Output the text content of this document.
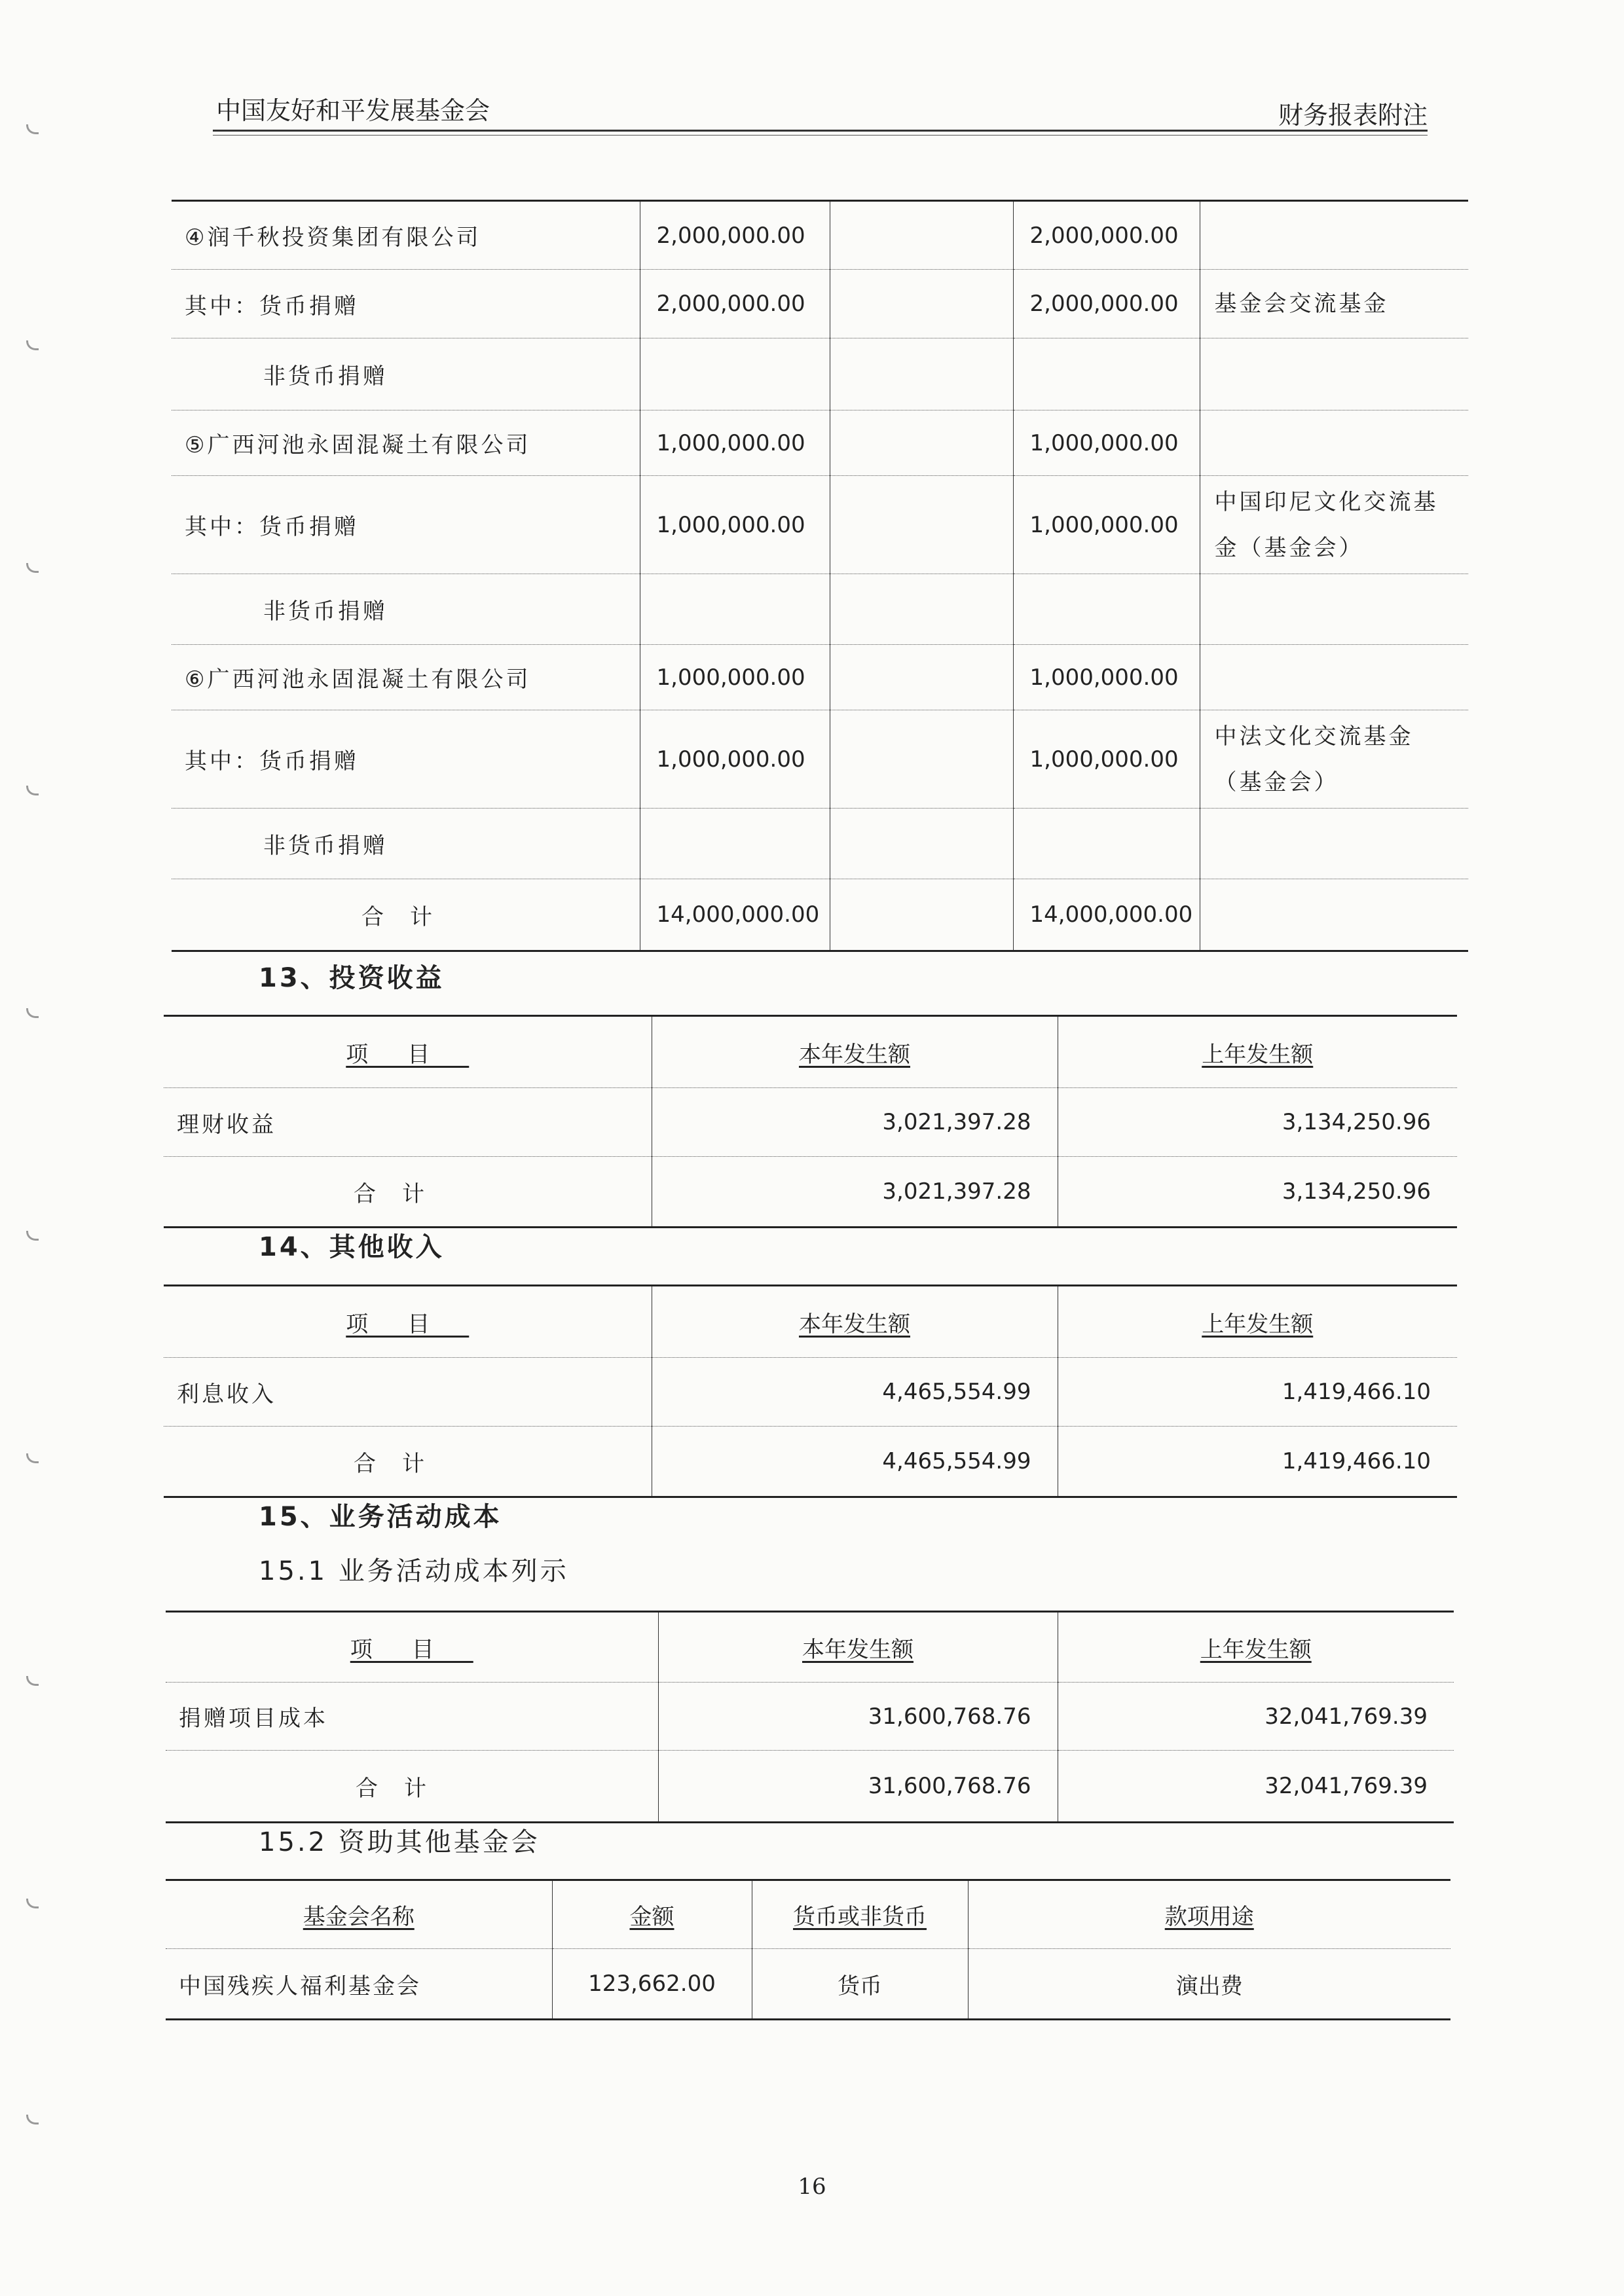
中国友好和平发展基金会	财务报表附注
④润千秋投资集团有限公司	2,000,000.00		2,000,000.00	
其中：货币捐赠	2,000,000.00		2,000,000.00	基金会交流基金
非货币捐赠				
⑤广西河池永固混凝土有限公司	1,000,000.00		1,000,000.00	
其中：货币捐赠	1,000,000.00		1,000,000.00	中国印尼文化交流基金（基金会）
非货币捐赠				
⑥广西河池永固混凝土有限公司	1,000,000.00		1,000,000.00	
其中：货币捐赠	1,000,000.00		1,000,000.00	中法文化交流基金（基金会）
非货币捐赠				
合计	14,000,000.00		14,000,000.00	
13、投资收益
项目	本年发生额	上年发生额
理财收益	3,021,397.28	3,134,250.96
合计	3,021,397.28	3,134,250.96
14、其他收入
项目	本年发生额	上年发生额
利息收入	4,465,554.99	1,419,466.10
合计	4,465,554.99	1,419,466.10
15、业务活动成本
15.1 业务活动成本列示
项目	本年发生额	上年发生额
捐赠项目成本	31,600,768.76	32,041,769.39
合计	31,600,768.76	32,041,769.39
15.2 资助其他基金会
基金会名称	金额	货币或非货币	款项用途
中国残疾人福利基金会	123,662.00	货币	演出费
16
